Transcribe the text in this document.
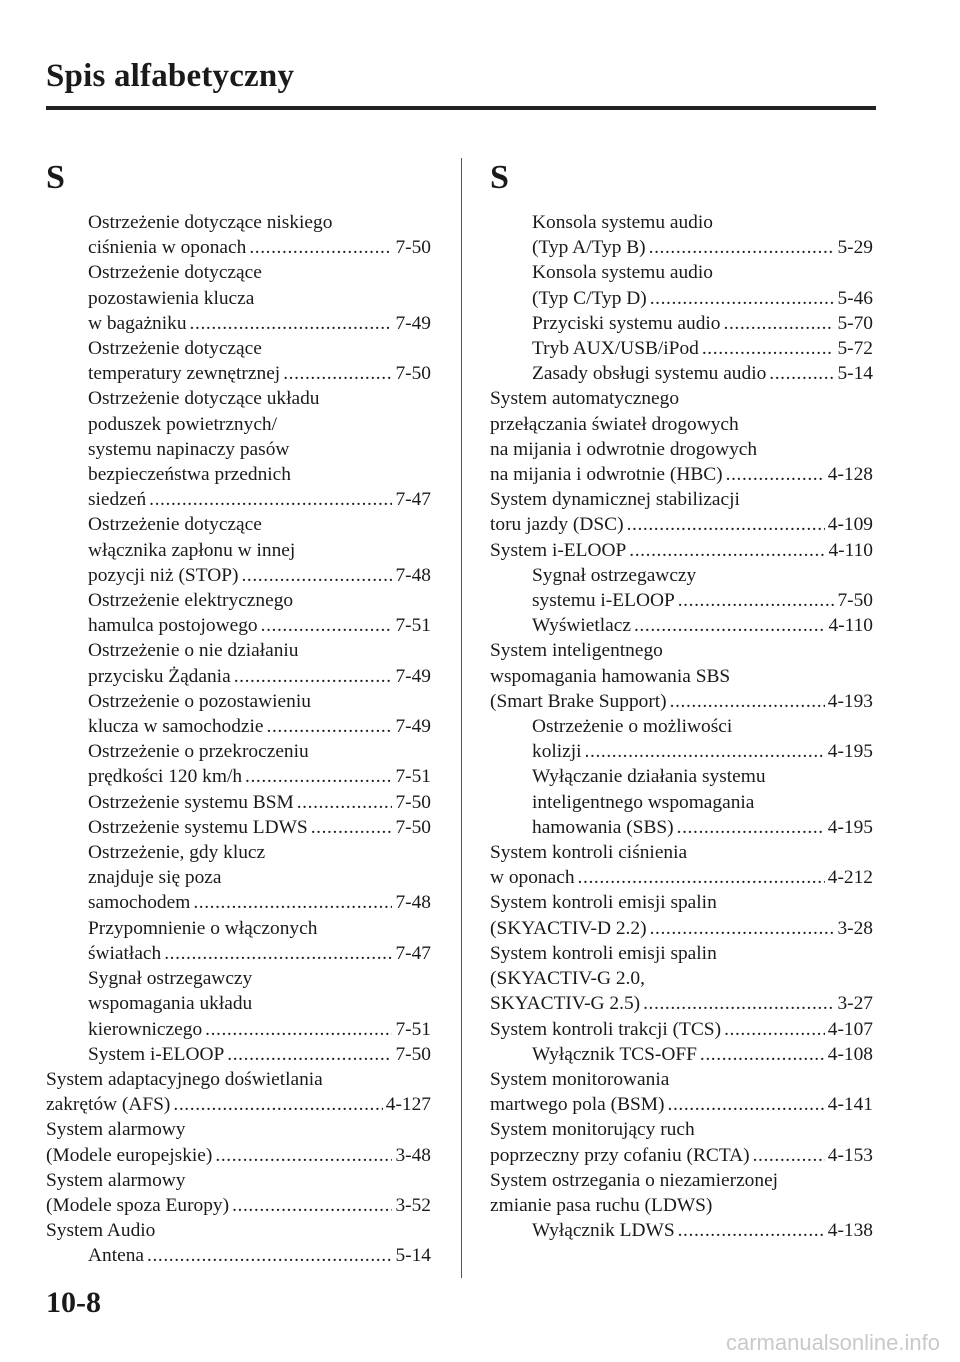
Spis alfabetyczny
S
Ostrzeżenie dotyczące niskiego
ciśnienia w oponach .....	7-50
Ostrzeżenie dotyczące
pozostawienia klucza
w bagażniku .....	7-49
Ostrzeżenie dotyczące
temperatury zewnętrznej .....	7-50
Ostrzeżenie dotyczące układu
poduszek powietrznych/
systemu napinaczy pasów
bezpieczeństwa przednich
siedzeń .....	7-47
Ostrzeżenie dotyczące
włącznika zapłonu w innej
pozycji niż (STOP) .....	7-48
Ostrzeżenie elektrycznego
hamulca postojowego .....	7-51
Ostrzeżenie o nie działaniu
przycisku Żądania .....	7-49
Ostrzeżenie o pozostawieniu
klucza w samochodzie .....	7-49
Ostrzeżenie o przekroczeniu
prędkości 120 km/h .....	7-51
Ostrzeżenie systemu BSM .....	7-50
Ostrzeżenie systemu LDWS .....	7-50
Ostrzeżenie, gdy klucz
znajduje się poza
samochodem .....	7-48
Przypomnienie o włączonych
światłach .....	7-47
Sygnał ostrzegawczy
wspomagania układu
kierowniczego .....	7-51
System i-ELOOP .....	7-50
System adaptacyjnego doświetlania
zakrętów (AFS) .....	4-127
System alarmowy
(Modele europejskie) .....	3-48
System alarmowy
(Modele spoza Europy) .....	3-52
System Audio
Antena .....	5-14
S
Konsola systemu audio
(Typ A/Typ B) .....	5-29
Konsola systemu audio
(Typ C/Typ D) .....	5-46
Przyciski systemu audio .....	5-70
Tryb AUX/USB/iPod .....	5-72
Zasady obsługi systemu audio .....	5-14
System automatycznego
przełączania świateł drogowych
na mijania i odwrotnie drogowych
na mijania i odwrotnie (HBC) .....	4-128
System dynamicznej stabilizacji
toru jazdy (DSC) .....	4-109
System i-ELOOP .....	4-110
Sygnał ostrzegawczy
systemu i-ELOOP .....	7-50
Wyświetlacz .....	4-110
System inteligentnego
wspomagania hamowania SBS
(Smart Brake Support) .....	4-193
Ostrzeżenie o możliwości
kolizji .....	4-195
Wyłączanie działania systemu
inteligentnego wspomagania
hamowania (SBS) .....	4-195
System kontroli ciśnienia
w oponach .....	4-212
System kontroli emisji spalin
(SKYACTIV-D 2.2) .....	3-28
System kontroli emisji spalin
(SKYACTIV-G 2.0,
SKYACTIV-G 2.5) .....	3-27
System kontroli trakcji (TCS) .....	4-107
Wyłącznik TCS-OFF .....	4-108
System monitorowania
martwego pola (BSM) .....	4-141
System monitorujący ruch
poprzeczny przy cofaniu (RCTA) .....	4-153
System ostrzegania o niezamierzonej
zmianie pasa ruchu (LDWS)
Wyłącznik LDWS .....	4-138
10-8
carmanualsonline.info
